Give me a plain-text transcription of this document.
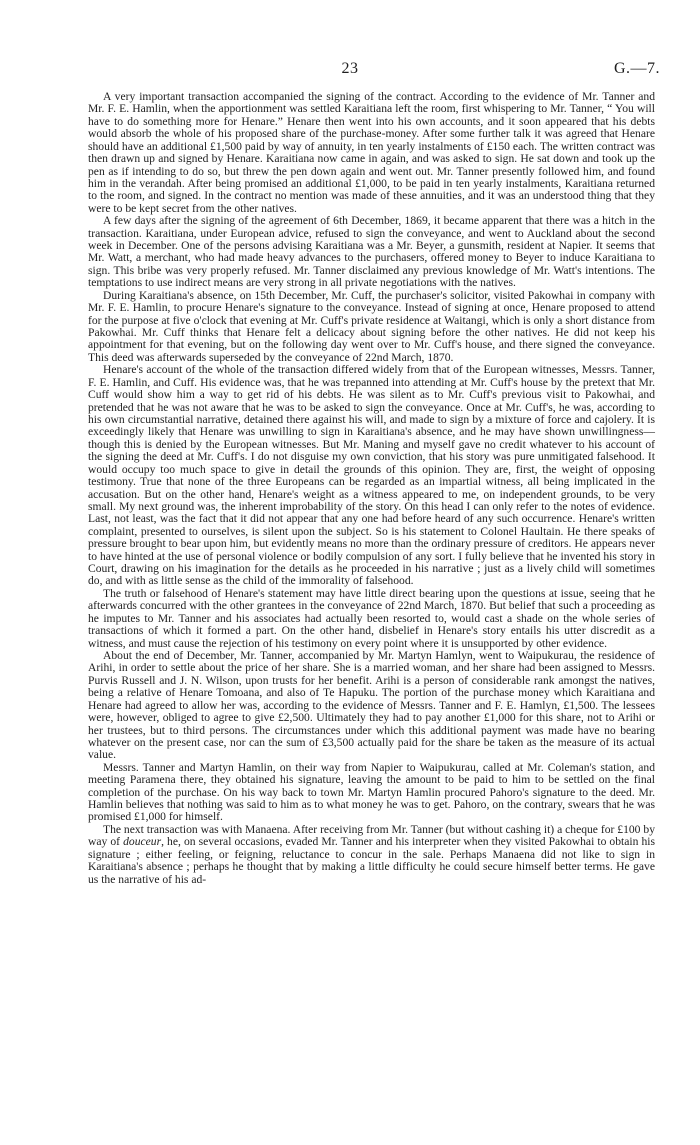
23	G.—7.

A very important transaction accompanied the signing of the contract. According to the evidence of Mr. Tanner and Mr. F. E. Hamlin, when the apportionment was settled Karaitiana left the room, first whispering to Mr. Tanner, “ You will have to do something more for Henare.” Henare then went into his own accounts, and it soon appeared that his debts would absorb the whole of his proposed share of the purchase-money. After some further talk it was agreed that Henare should have an additional £1,500 paid by way of annuity, in ten yearly instalments of £150 each. The written contract was then drawn up and signed by Henare. Karaitiana now came in again, and was asked to sign. He sat down and took up the pen as if intending to do so, but threw the pen down again and went out. Mr. Tanner presently followed him, and found him in the verandah. After being promised an additional £1,000, to be paid in ten yearly instalments, Karaitiana returned to the room, and signed. In the contract no mention was made of these annuities, and it was an understood thing that they were to be kept secret from the other natives.

A few days after the signing of the agreement of 6th December, 1869, it became apparent that there was a hitch in the transaction. Karaitiana, under European advice, refused to sign the conveyance, and went to Auckland about the second week in December. One of the persons advising Karaitiana was a Mr. Beyer, a gunsmith, resident at Napier. It seems that Mr. Watt, a merchant, who had made heavy advances to the purchasers, offered money to Beyer to induce Karaitiana to sign. This bribe was very properly refused. Mr. Tanner disclaimed any previous knowledge of Mr. Watt's intentions. The temptations to use indirect means are very strong in all private negotiations with the natives.

During Karaitiana's absence, on 15th December, Mr. Cuff, the purchaser's solicitor, visited Pakowhai in company with Mr. F. E. Hamlin, to procure Henare's signature to the conveyance. Instead of signing at once, Henare proposed to attend for the purpose at five o'clock that evening at Mr. Cuff's private residence at Waitangi, which is only a short distance from Pakowhai. Mr. Cuff thinks that Henare felt a delicacy about signing before the other natives. He did not keep his appointment for that evening, but on the following day went over to Mr. Cuff's house, and there signed the conveyance. This deed was afterwards superseded by the conveyance of 22nd March, 1870.

Henare's account of the whole of the transaction differed widely from that of the European witnesses, Messrs. Tanner, F. E. Hamlin, and Cuff. His evidence was, that he was trepanned into attending at Mr. Cuff's house by the pretext that Mr. Cuff would show him a way to get rid of his debts. He was silent as to Mr. Cuff's previous visit to Pakowhai, and pretended that he was not aware that he was to be asked to sign the conveyance. Once at Mr. Cuff's, he was, according to his own circumstantial narrative, detained there against his will, and made to sign by a mixture of force and cajolery. It is exceedingly likely that Henare was unwilling to sign in Karaitiana's absence, and he may have shown unwillingness—though this is denied by the European witnesses. But Mr. Maning and myself gave no credit whatever to his account of the signing the deed at Mr. Cuff's. I do not disguise my own conviction, that his story was pure unmitigated falsehood. It would occupy too much space to give in detail the grounds of this opinion. They are, first, the weight of opposing testimony. True that none of the three Europeans can be regarded as an impartial witness, all being implicated in the accusation. But on the other hand, Henare's weight as a witness appeared to me, on independent grounds, to be very small. My next ground was, the inherent improbability of the story. On this head I can only refer to the notes of evidence. Last, not least, was the fact that it did not appear that any one had before heard of any such occurrence. Henare's written complaint, presented to ourselves, is silent upon the subject. So is his statement to Colonel Haultain. He there speaks of pressure brought to bear upon him, but evidently means no more than the ordinary pressure of creditors. He appears never to have hinted at the use of personal violence or bodily compulsion of any sort. I fully believe that he invented his story in Court, drawing on his imagination for the details as he proceeded in his narrative ; just as a lively child will sometimes do, and with as little sense as the child of the immorality of falsehood.

The truth or falsehood of Henare's statement may have little direct bearing upon the questions at issue, seeing that he afterwards concurred with the other grantees in the conveyance of 22nd March, 1870. But belief that such a proceeding as he imputes to Mr. Tanner and his associates had actually been resorted to, would cast a shade on the whole series of transactions of which it formed a part. On the other hand, disbelief in Henare's story entails his utter discredit as a witness, and must cause the rejection of his testimony on every point where it is unsupported by other evidence.

About the end of December, Mr. Tanner, accompanied by Mr. Martyn Hamlyn, went to Waipukurau, the residence of Arihi, in order to settle about the price of her share. She is a married woman, and her share had been assigned to Messrs. Purvis Russell and J. N. Wilson, upon trusts for her benefit. Arihi is a person of considerable rank amongst the natives, being a relative of Henare Tomoana, and also of Te Hapuku. The portion of the purchase money which Karaitiana and Henare had agreed to allow her was, according to the evidence of Messrs. Tanner and F. E. Hamlyn, £1,500. The lessees were, however, obliged to agree to give £2,500. Ultimately they had to pay another £1,000 for this share, not to Arihi or her trustees, but to third persons. The circumstances under which this additional payment was made have no bearing whatever on the present case, nor can the sum of £3,500 actually paid for the share be taken as the measure of its actual value.

Messrs. Tanner and Martyn Hamlin, on their way from Napier to Waipukurau, called at Mr. Coleman's station, and meeting Paramena there, they obtained his signature, leaving the amount to be paid to him to be settled on the final completion of the purchase. On his way back to town Mr. Martyn Hamlin procured Pahoro's signature to the deed. Mr. Hamlin believes that nothing was said to him as to what money he was to get. Pahoro, on the contrary, swears that he was promised £1,000 for himself.

The next transaction was with Manaena. After receiving from Mr. Tanner (but without cashing it) a cheque for £100 by way of douceur, he, on several occasions, evaded Mr. Tanner and his interpreter when they visited Pakowhai to obtain his signature ; either feeling, or feigning, reluctance to concur in the sale. Perhaps Manaena did not like to sign in Karaitiana's absence ; perhaps he thought that by making a little difficulty he could secure himself better terms. He gave us the narrative of his ad-
